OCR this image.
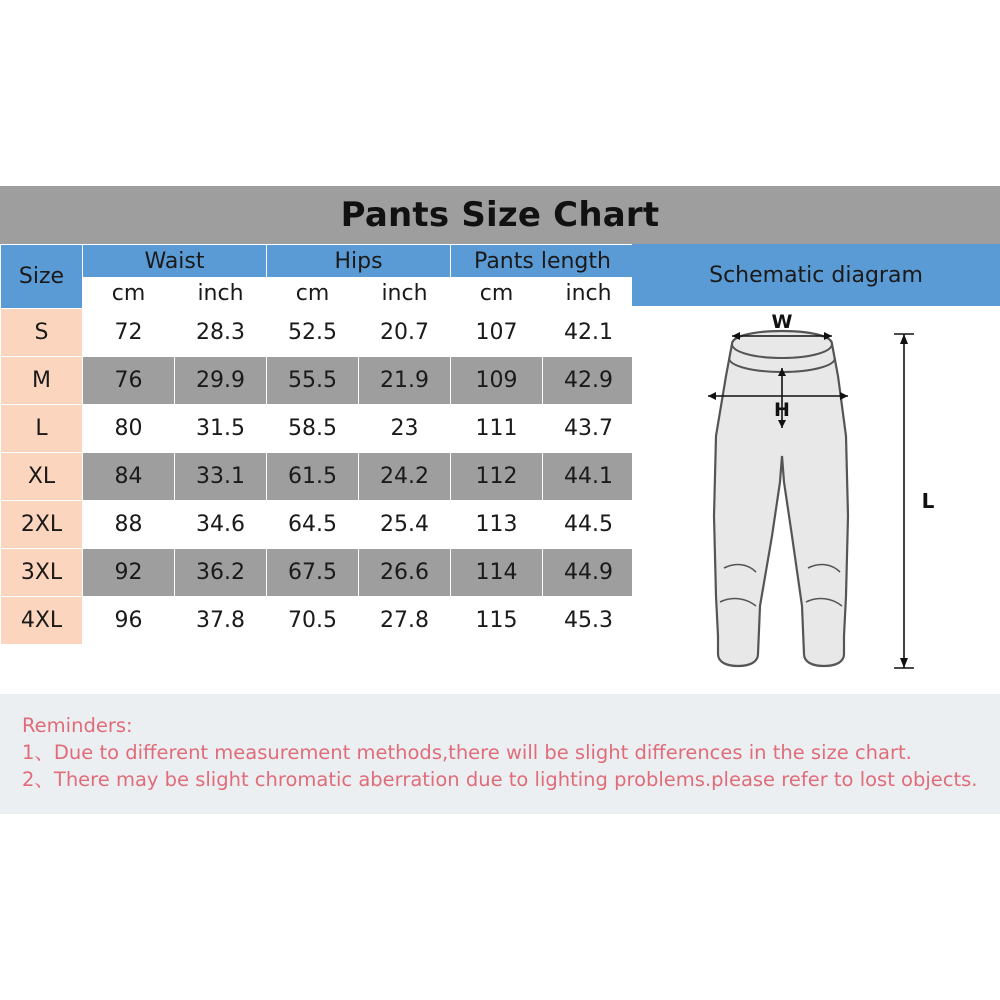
Pants Size Chart
Size	Waist		Hips		Pants length	
	cm	inch	cm	inch	cm	inch
S	72	28.3	52.5	20.7	107	42.1
M	76	29.9	55.5	21.9	109	42.9
L	80	31.5	58.5	23	111	43.7
XL	84	33.1	61.5	24.2	112	44.1
2XL	88	34.6	64.5	25.4	113	44.5
3XL	92	36.2	67.5	26.6	114	44.9
4XL	96	37.8	70.5	27.8	115	45.3
Schematic diagram
W
H
L
Reminders:
1、Due to different measurement methods,there will be slight differences in the size chart.
2、There may be slight chromatic aberration due to lighting problems.please refer to lost objects.
